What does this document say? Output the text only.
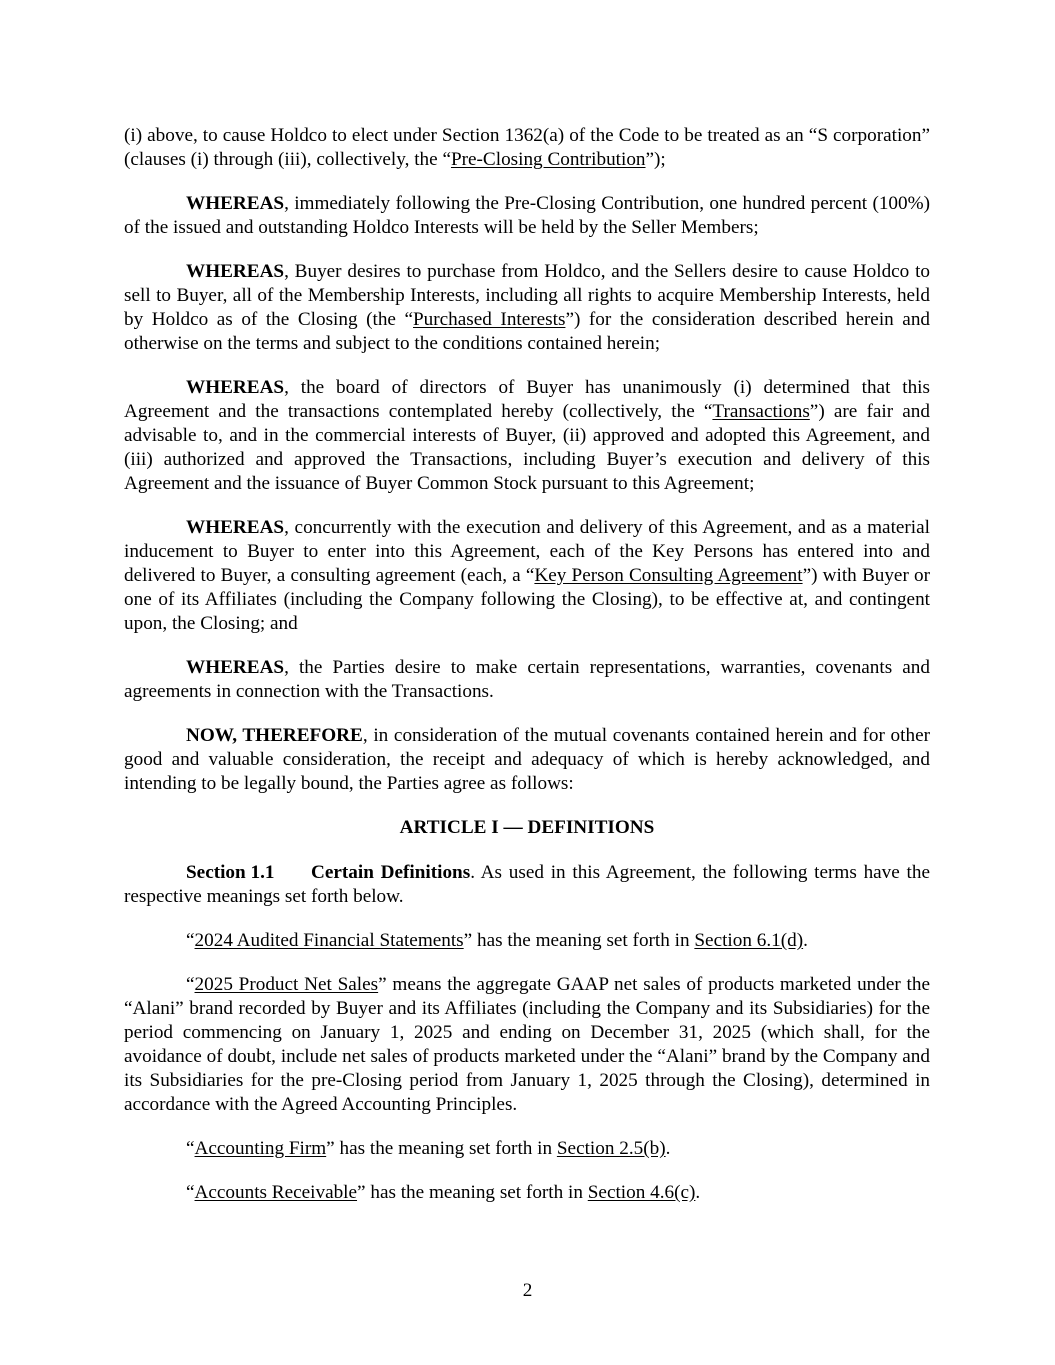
(i) above, to cause Holdco to elect under Section 1362(a) of the Code to be treated as an “S corporation” (clauses (i) through (iii), collectively, the “Pre-Closing Contribution”);

WHEREAS, immediately following the Pre-Closing Contribution, one hundred percent (100%) of the issued and outstanding Holdco Interests will be held by the Seller Members;

WHEREAS, Buyer desires to purchase from Holdco, and the Sellers desire to cause Holdco to sell to Buyer, all of the Membership Interests, including all rights to acquire Membership Interests, held by Holdco as of the Closing (the “Purchased Interests”) for the consideration described herein and otherwise on the terms and subject to the conditions contained herein;

WHEREAS, the board of directors of Buyer has unanimously (i) determined that this Agreement and the transactions contemplated hereby (collectively, the “Transactions”) are fair and advisable to, and in the commercial interests of Buyer, (ii) approved and adopted this Agreement, and (iii) authorized and approved the Transactions, including Buyer’s execution and delivery of this Agreement and the issuance of Buyer Common Stock pursuant to this Agreement;

WHEREAS, concurrently with the execution and delivery of this Agreement, and as a material inducement to Buyer to enter into this Agreement, each of the Key Persons has entered into and delivered to Buyer, a consulting agreement (each, a “Key Person Consulting Agreement”) with Buyer or one of its Affiliates (including the Company following the Closing), to be effective at, and contingent upon, the Closing; and

WHEREAS, the Parties desire to make certain representations, warranties, covenants and agreements in connection with the Transactions.

NOW, THEREFORE, in consideration of the mutual covenants contained herein and for other good and valuable consideration, the receipt and adequacy of which is hereby acknowledged, and intending to be legally bound, the Parties agree as follows:

ARTICLE I — DEFINITIONS

Section 1.1 Certain Definitions. As used in this Agreement, the following terms have the respective meanings set forth below.

“2024 Audited Financial Statements” has the meaning set forth in Section 6.1(d).

“2025 Product Net Sales” means the aggregate GAAP net sales of products marketed under the “Alani” brand recorded by Buyer and its Affiliates (including the Company and its Subsidiaries) for the period commencing on January 1, 2025 and ending on December 31, 2025 (which shall, for the avoidance of doubt, include net sales of products marketed under the “Alani” brand by the Company and its Subsidiaries for the pre-Closing period from January 1, 2025 through the Closing), determined in accordance with the Agreed Accounting Principles.

“Accounting Firm” has the meaning set forth in Section 2.5(b).

“Accounts Receivable” has the meaning set forth in Section 4.6(c).

2
